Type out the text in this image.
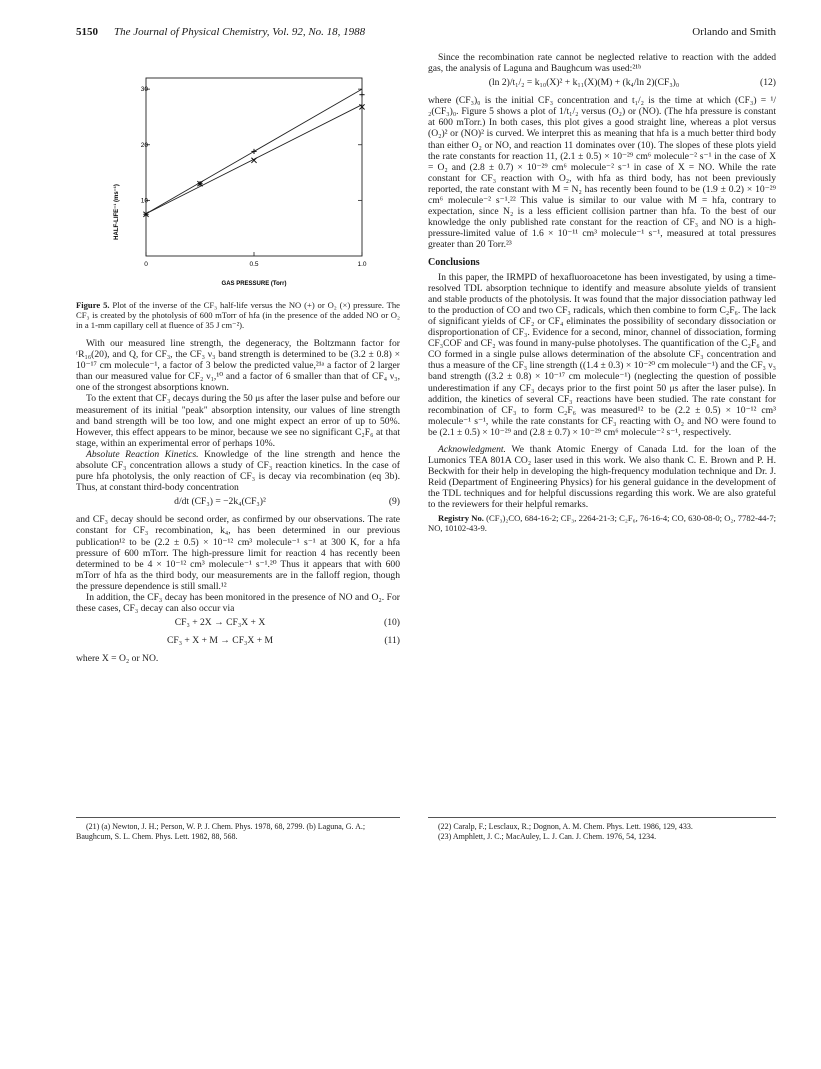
5150 The Journal of Physical Chemistry, Vol. 92, No. 18, 1988	Orlando and Smith
10
20
30
0	0.5	1.0
HALF-LIFE⁻¹ (ms⁻¹)
GAS PRESSURE (Torr)
Figure 5. Plot of the inverse of the CF₃ half-life versus the NO (+) or O₂ (×) pressure. The CF₃ is created by the photolysis of 600 mTorr of hfa (in the presence of the added NO or O₂ in a 1-mm capillary cell at fluence of 35 J cm⁻²).

With our measured line strength, the degeneracy, the Boltzmann factor for ʳR₁₆(20), and Q, for CF₃, the CF₃ ν₃ band strength is determined to be (3.2 ± 0.8) × 10⁻¹⁷ cm molecule⁻¹, a factor of 3 below the predicted value,²¹ᵃ a factor of 2 larger than our measured value for CF₂ ν₁,¹⁰ and a factor of 6 smaller than that of CF₄ ν₃, one of the strongest absorptions known.

To the extent that CF₃ decays during the 50 μs after the laser pulse and before our measurement of its initial "peak" absorption intensity, our values of line strength and band strength will be too low, and one might expect an error of up to 50%. However, this effect appears to be minor, because we see no significant C₂F₆ at that stage, within an experimental error of perhaps 10%.

Absolute Reaction Kinetics. Knowledge of the line strength and hence the absolute CF₃ concentration allows a study of CF₃ reaction kinetics. In the case of pure hfa photolysis, the only reaction of CF₃ is decay via recombination (eq 3b). Thus, at constant third-body concentration

d/dt (CF₃) = −2k₄(CF₃)²	(9)

and CF₃ decay should be second order, as confirmed by our observations. The rate constant for CF₃ recombination, k₄, has been determined in our previous publication¹² to be (2.2 ± 0.5) × 10⁻¹² cm³ molecule⁻¹ s⁻¹ at 300 K, for a hfa pressure of 600 mTorr. The high-pressure limit for reaction 4 has recently been determined to be 4 × 10⁻¹² cm³ molecule⁻¹ s⁻¹.²⁰ Thus it appears that with 600 mTorr of hfa as the third body, our measurements are in the falloff region, though the pressure dependence is still small.¹²

In addition, the CF₃ decay has been monitored in the presence of NO and O₂. For these cases, CF₃ decay can also occur via

CF₃ + 2X → CF₃X + X	(10)
CF₃ + X + M → CF₃X + M	(11)

where X = O₂ or NO.

Since the recombination rate cannot be neglected relative to reaction with the added gas, the analysis of Laguna and Baughcum was used:²¹ᵇ

(ln 2)/t₁/₂ = k₁₀(X)² + k₁₁(X)(M) + (k₄/ln 2)(CF₃)₀	(12)

where (CF₃)₀ is the initial CF₃ concentration and t₁/₂ is the time at which (CF₃) = ¹/₂(CF₃)₀. Figure 5 shows a plot of 1/t₁/₂ versus (O₂) or (NO). (The hfa pressure is constant at 600 mTorr.) In both cases, this plot gives a good straight line, whereas a plot versus (O₂)² or (NO)² is curved. We interpret this as meaning that hfa is a much better third body than either O₂ or NO, and reaction 11 dominates over (10). The slopes of these plots yield the rate constants for reaction 11, (2.1 ± 0.5) × 10⁻²⁹ cm⁶ molecule⁻² s⁻¹ in the case of X = O₂ and (2.8 ± 0.7) × 10⁻²⁹ cm⁶ molecule⁻² s⁻¹ in case of X = NO. While the rate constant for CF₃ reaction with O₂, with hfa as third body, has not been previously reported, the rate constant with M = N₂ has recently been found to be (1.9 ± 0.2) × 10⁻²⁹ cm⁶ molecule⁻² s⁻¹.²² This value is similar to our value with M = hfa, contrary to expectation, since N₂ is a less efficient collision partner than hfa. To the best of our knowledge the only published rate constant for the reaction of CF₃ and NO is a high-pressure-limited value of 1.6 × 10⁻¹¹ cm³ molecule⁻¹ s⁻¹, measured at total pressures greater than 20 Torr.²³

Conclusions

In this paper, the IRMPD of hexafluoroacetone has been investigated, by using a time-resolved TDL absorption technique to identify and measure absolute yields of transient and stable products of the photolysis. It was found that the major dissociation pathway led to the production of CO and two CF₃ radicals, which then combine to form C₂F₆. The lack of significant yields of CF₂ or CF₄ eliminates the possibility of secondary dissociation or disproportionation of CF₃. Evidence for a second, minor, channel of dissociation, forming CF₃COF and CF₂ was found in many-pulse photolyses. The quantification of the C₂F₆ and CO formed in a single pulse allows determination of the absolute CF₃ concentration and thus a measure of the CF₃ line strength ((1.4 ± 0.3) × 10⁻²⁰ cm molecule⁻¹) and the CF₃ ν₃ band strength ((3.2 ± 0.8) × 10⁻¹⁷ cm molecule⁻¹) (neglecting the question of possible underestimation if any CF₃ decays prior to the first point 50 μs after the laser pulse). In addition, the kinetics of several CF₃ reactions have been studied. The rate constant for recombination of CF₃ to form C₂F₆ was measured¹² to be (2.2 ± 0.5) × 10⁻¹² cm³ molecule⁻¹ s⁻¹, while the rate constants for CF₃ reacting with O₂ and NO were found to be (2.1 ± 0.5) × 10⁻²⁹ and (2.8 ± 0.7) × 10⁻²⁹ cm⁶ molecule⁻² s⁻¹, respectively.

Acknowledgment. We thank Atomic Energy of Canada Ltd. for the loan of the Lumonics TEA 801A CO₂ laser used in this work. We also thank C. E. Brown and P. H. Beckwith for their help in developing the high-frequency modulation technique and Dr. J. Reid (Department of Engineering Physics) for his general guidance in the development of the TDL techniques and for helpful discussions regarding this work. We are also grateful to the reviewers for their helpful remarks.

Registry No. (CF₃)₂CO, 684-16-2; CF₃, 2264-21-3; C₂F₆, 76-16-4; CO, 630-08-0; O₂, 7782-44-7; NO, 10102-43-9.

(21) (a) Newton, J. H.; Person, W. P. J. Chem. Phys. 1978, 68, 2799. (b) Laguna, G. A.; Baughcum, S. L. Chem. Phys. Lett. 1982, 88, 568.
(22) Caralp, F.; Lesclaux, R.; Dognon, A. M. Chem. Phys. Lett. 1986, 129, 433.
(23) Amphlett, J. C.; MacAuley, L. J. Can. J. Chem. 1976, 54, 1234.
